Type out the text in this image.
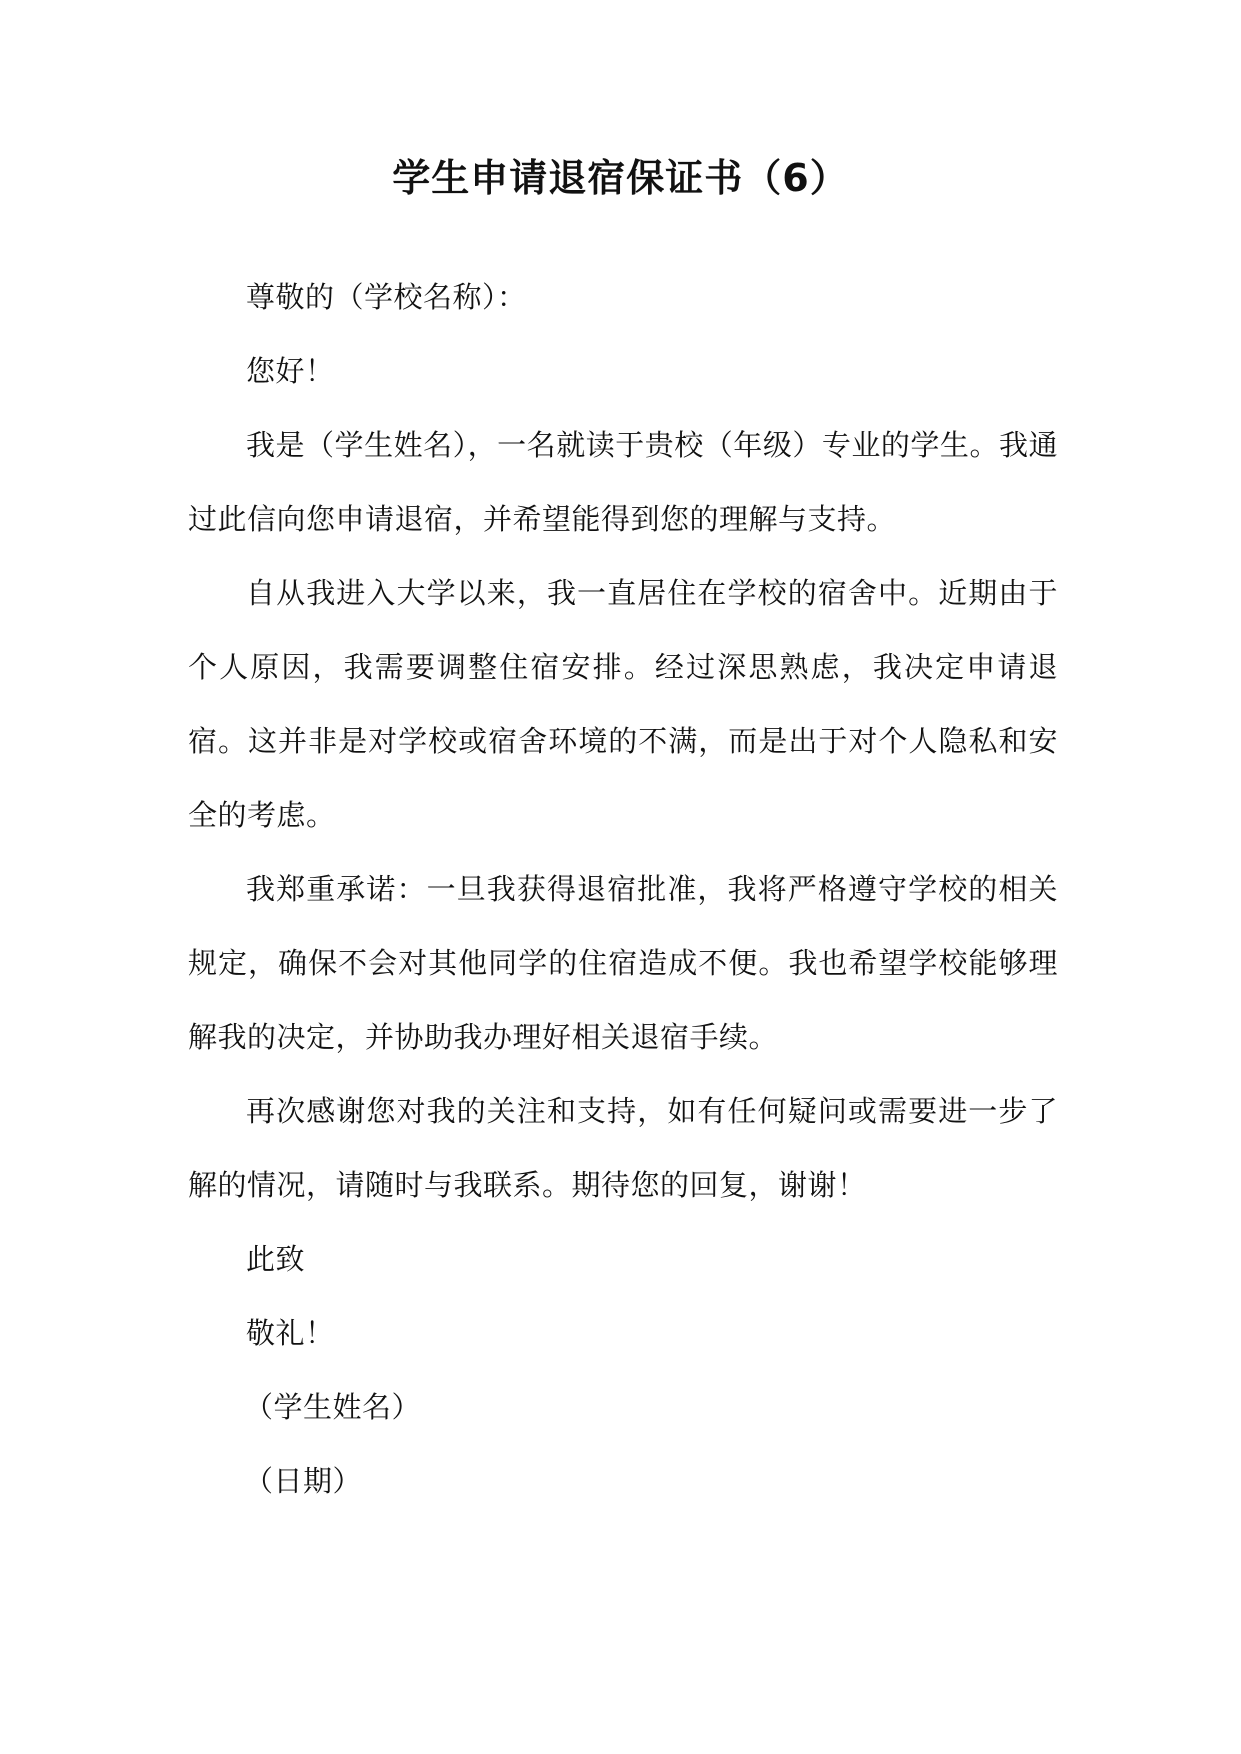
学生申请退宿保证书（6）

尊敬的（学校名称）：

您好！

我是（学生姓名），一名就读于贵校（年级）专业的学生。我通过此信向您申请退宿，并希望能得到您的理解与支持。

自从我进入大学以来，我一直居住在学校的宿舍中。近期由于个人原因，我需要调整住宿安排。经过深思熟虑，我决定申请退宿。这并非是对学校或宿舍环境的不满，而是出于对个人隐私和安全的考虑。

我郑重承诺：一旦我获得退宿批准，我将严格遵守学校的相关规定，确保不会对其他同学的住宿造成不便。我也希望学校能够理解我的决定，并协助我办理好相关退宿手续。

再次感谢您对我的关注和支持，如有任何疑问或需要进一步了解的情况，请随时与我联系。期待您的回复，谢谢！

此致

敬礼！

（学生姓名）

（日期）
